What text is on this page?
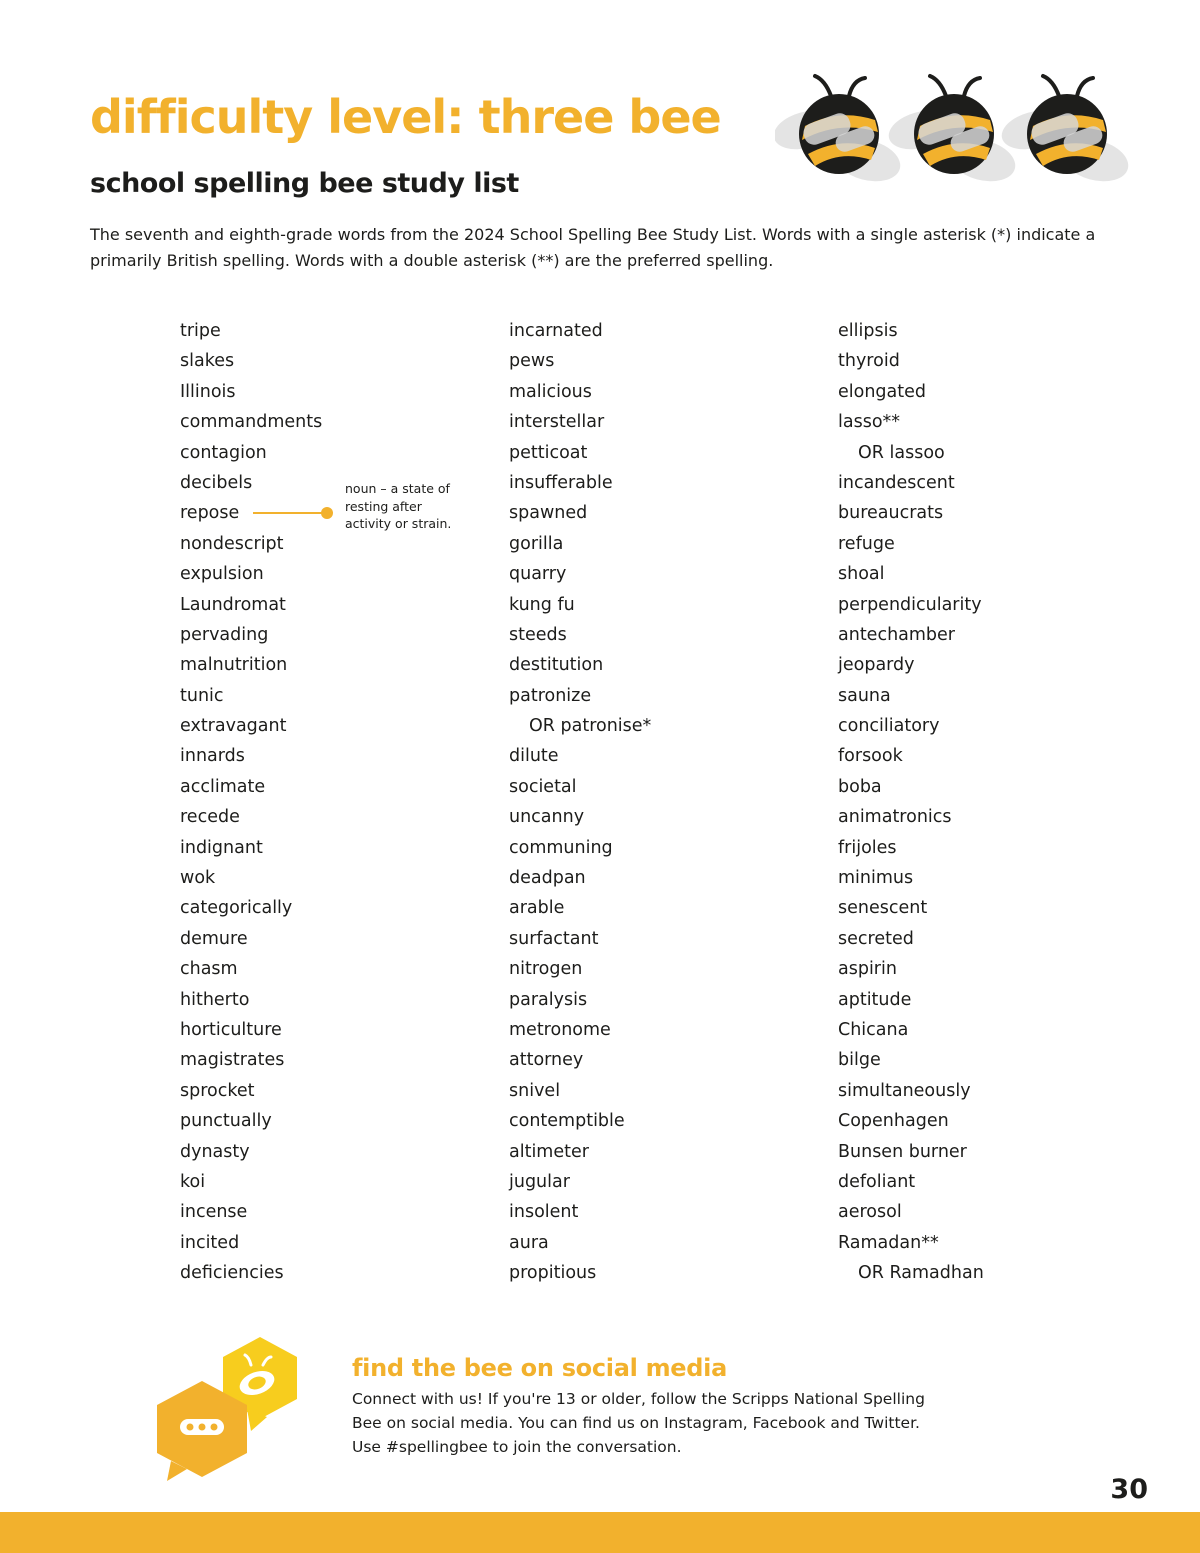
difficulty level: three bee
school spelling bee study list

The seventh and eighth-grade words from the 2024 School Spelling Bee Study List. Words with a single asterisk (*) indicate a primarily British spelling. Words with a double asterisk (**) are the preferred spelling.

tripe
slakes
Illinois
commandments
contagion
decibels
repose
nondescript
expulsion
Laundromat
pervading
malnutrition
tunic
extravagant
innards
acclimate
recede
indignant
wok
categorically
demure
chasm
hitherto
horticulture
magistrates
sprocket
punctually
dynasty
koi
incense
incited
deficiencies
incarnated
pews
malicious
interstellar
petticoat
insufferable
spawned
gorilla
quarry
kung fu
steeds
destitution
patronize
OR patronise*
dilute
societal
uncanny
communing
deadpan
arable
surfactant
nitrogen
paralysis
metronome
attorney
snivel
contemptible
altimeter
jugular
insolent
aura
propitious
ellipsis
thyroid
elongated
lasso**
OR lassoo
incandescent
bureaucrats
refuge
shoal
perpendicularity
antechamber
jeopardy
sauna
conciliatory
forsook
boba
animatronics
frijoles
minimus
senescent
secreted
aspirin
aptitude
Chicana
bilge
simultaneously
Copenhagen
Bunsen burner
defoliant
aerosol
Ramadan**
OR Ramadhan
noun – a state of resting after activity or strain.
find the bee on social media
Connect with us! If you're 13 or older, follow the Scripps National Spelling
Bee on social media. You can find us on Instagram, Facebook and Twitter.
Use #spellingbee to join the conversation.
30
